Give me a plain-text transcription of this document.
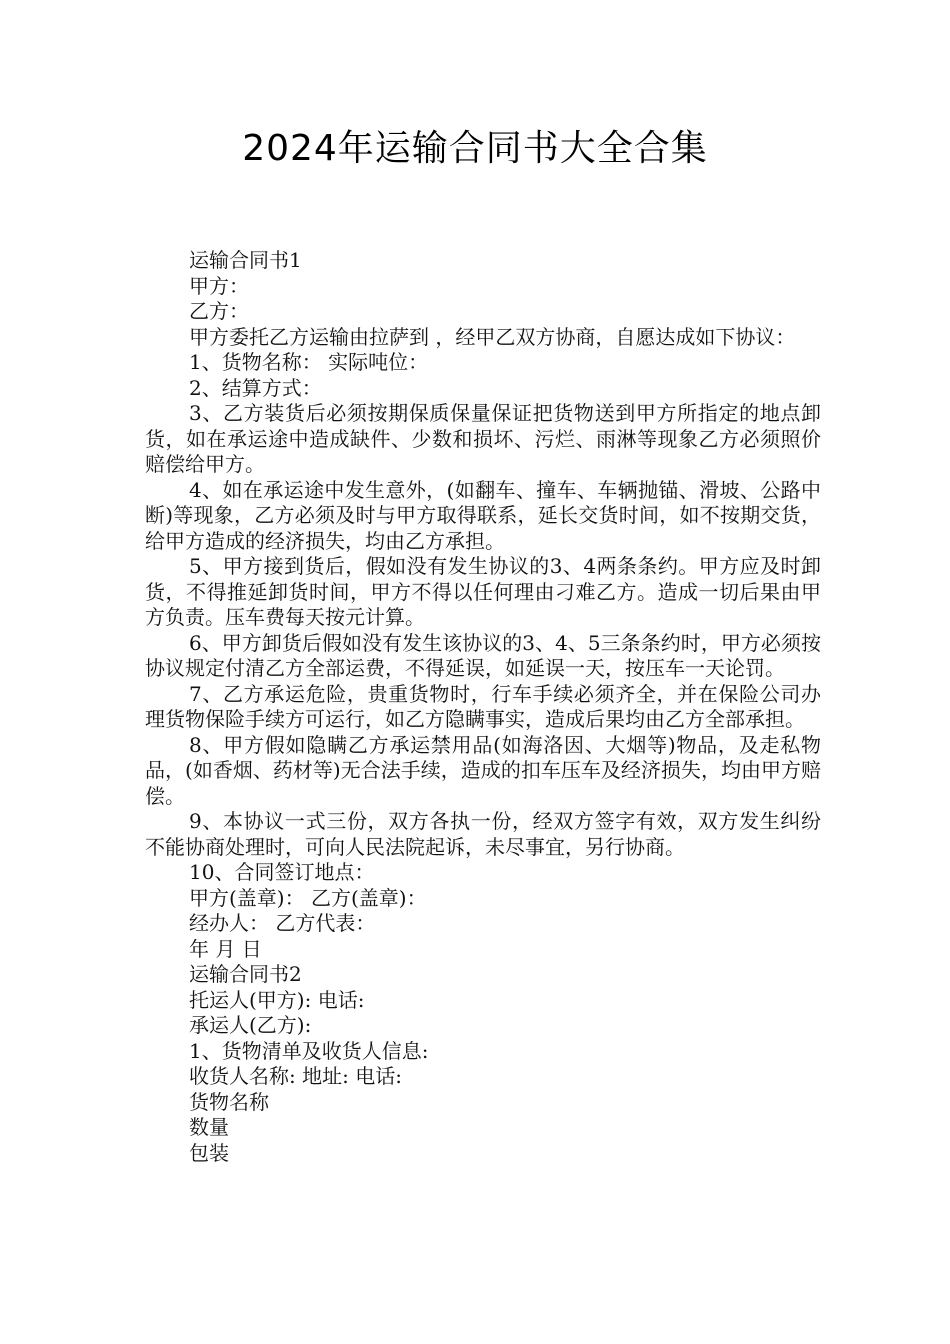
2024年运输合同书大全合集

运输合同书1

甲方：

乙方：

甲方委托乙方运输由拉萨到 ，经甲乙双方协商，自愿达成如下协议：

1、货物名称： 实际吨位：

2、结算方式：

3、乙方装货后必须按期保质保量保证把货物送到甲方所指定的地点卸货，如在承运途中造成缺件、少数和损坏、污烂、雨淋等现象乙方必须照价赔偿给甲方。

4、如在承运途中发生意外，(如翻车、撞车、车辆抛锚、滑坡、公路中断)等现象，乙方必须及时与甲方取得联系，延长交货时间，如不按期交货，给甲方造成的经济损失，均由乙方承担。

5、甲方接到货后，假如没有发生协议的3、4两条条约。甲方应及时卸货，不得推延卸货时间，甲方不得以任何理由刁难乙方。造成一切后果由甲方负责。压车费每天按元计算。

6、甲方卸货后假如没有发生该协议的3、4、5三条条约时，甲方必须按协议规定付清乙方全部运费，不得延误，如延误一天，按压车一天论罚。

7、乙方承运危险，贵重货物时，行车手续必须齐全，并在保险公司办理货物保险手续方可运行，如乙方隐瞒事实，造成后果均由乙方全部承担。

8、甲方假如隐瞒乙方承运禁用品(如海洛因、大烟等)物品，及走私物品，(如香烟、药材等)无合法手续，造成的扣车压车及经济损失，均由甲方赔偿。

9、本协议一式三份，双方各执一份，经双方签字有效，双方发生纠纷不能协商处理时，可向人民法院起诉，未尽事宜，另行协商。

10、合同签订地点：

甲方(盖章)： 乙方(盖章)：

经办人： 乙方代表：

年 月 日

运输合同书2

托运人(甲方): 电话:

承运人(乙方):

1、货物清单及收货人信息:

收货人名称: 地址: 电话:

货物名称

数量

包装
